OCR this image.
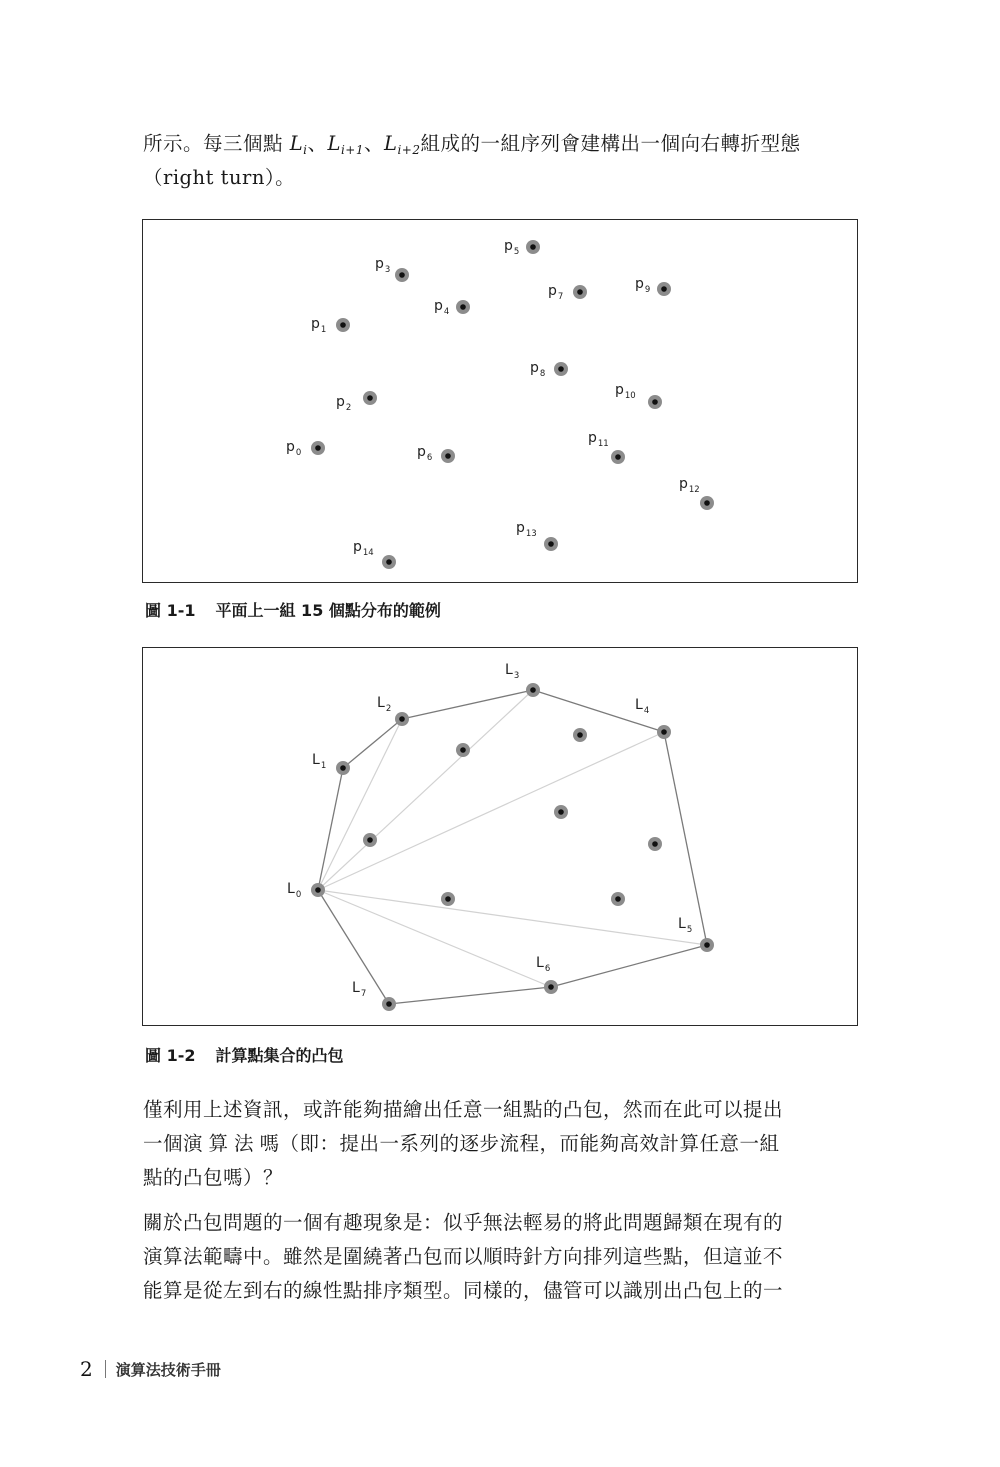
所示。每三個點 $L_i$、$L_{i+1}$、$L_{i+2}$組成的一組序列會建構出一個向右轉折型態
（right turn）。

$p_0$
$p_1$
$p_2$
$p_3$
$p_4$
$p_5$
$p_6$
$p_7$
$p_8$
$p_9$
$p_{10}$
$p_{11}$
$p_{12}$
$p_{13}$
$p_{14}$

圖 1-1 平面上一組 15 個點分布的範例

$L_0$
$L_1$
$L_2$
$L_3$
$L_4$
$L_5$
$L_6$
$L_7$

圖 1-2 計算點集合的凸包

僅利用上述資訊，或許能夠描繪出任意一組點的凸包，然而在此可以提出
一個演算法嗎（即：提出一系列的逐步流程，而能夠高效計算任意一組
點的凸包嗎）？

關於凸包問題的一個有趣現象是：似乎無法輕易的將此問題歸類在現有的
演算法範疇中。雖然是圍繞著凸包而以順時針方向排列這些點，但這並不
能算是從左到右的線性點排序類型。同樣的，儘管可以識別出凸包上的一

2 演算法技術手冊
